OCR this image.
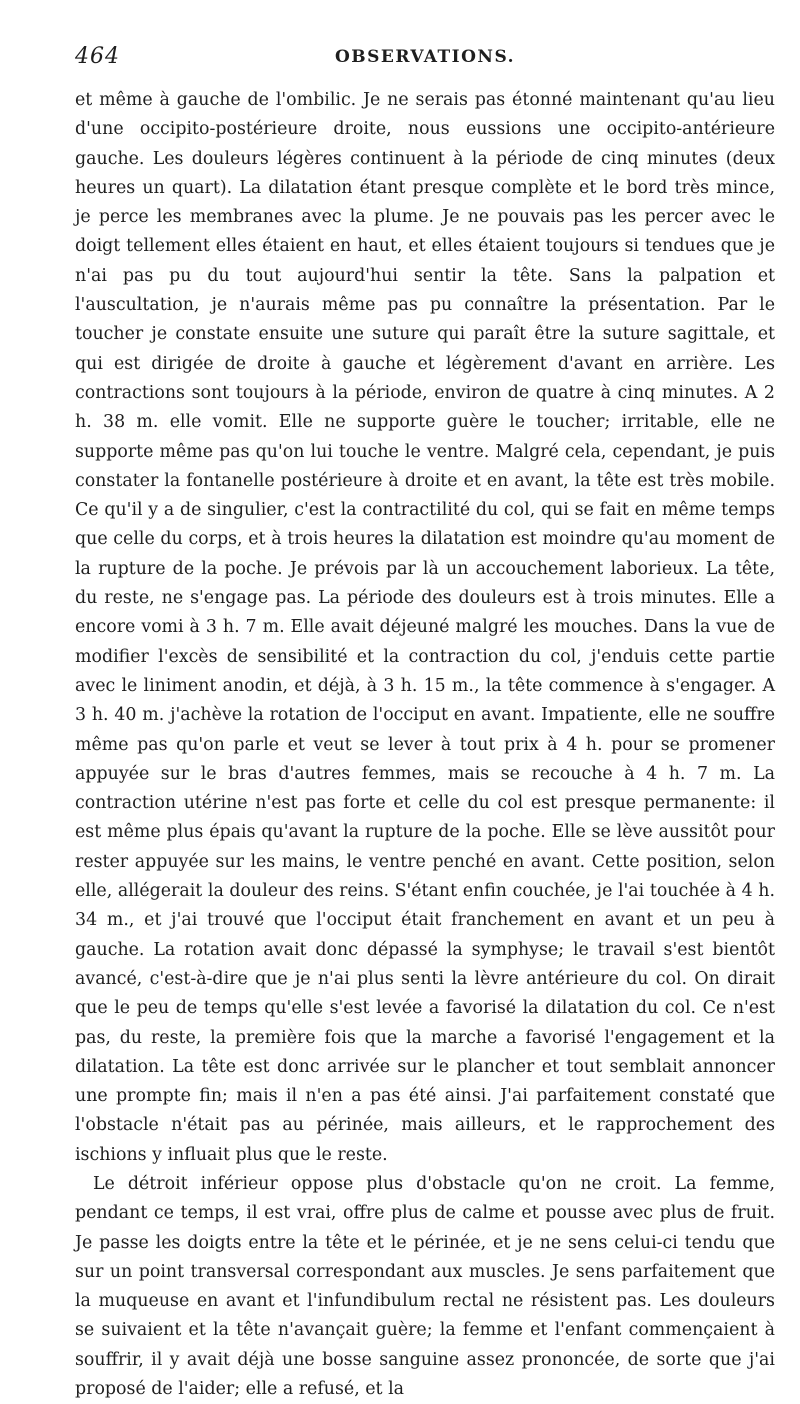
464	OBSERVATIONS.

et même à gauche de l'ombilic. Je ne serais pas étonné maintenant qu'au lieu d'une occipito-postérieure droite, nous eussions une occipito-antérieure gauche. Les douleurs légères continuent à la période de cinq minutes (deux heures un quart). La dilatation étant presque complète et le bord très mince, je perce les membranes avec la plume. Je ne pouvais pas les percer avec le doigt tellement elles étaient en haut, et elles étaient toujours si tendues que je n'ai pas pu du tout aujourd'hui sentir la tête. Sans la palpation et l'auscultation, je n'aurais même pas pu connaître la présentation. Par le toucher je constate ensuite une suture qui paraît être la suture sagittale, et qui est dirigée de droite à gauche et légèrement d'avant en arrière. Les contractions sont toujours à la période, environ de quatre à cinq minutes. A 2 h. 38 m. elle vomit. Elle ne supporte guère le toucher; irritable, elle ne supporte même pas qu'on lui touche le ventre. Malgré cela, cependant, je puis constater la fontanelle postérieure à droite et en avant, la tête est très mobile. Ce qu'il y a de singulier, c'est la contractilité du col, qui se fait en même temps que celle du corps, et à trois heures la dilatation est moindre qu'au moment de la rupture de la poche. Je prévois par là un accouchement laborieux. La tête, du reste, ne s'engage pas. La période des douleurs est à trois minutes. Elle a encore vomi à 3 h. 7 m. Elle avait déjeuné malgré les mouches. Dans la vue de modifier l'excès de sensibilité et la contraction du col, j'enduis cette partie avec le liniment anodin, et déjà, à 3 h. 15 m., la tête commence à s'engager. A 3 h. 40 m. j'achève la rotation de l'occiput en avant. Impatiente, elle ne souffre même pas qu'on parle et veut se lever à tout prix à 4 h. pour se promener appuyée sur le bras d'autres femmes, mais se recouche à 4 h. 7 m. La contraction utérine n'est pas forte et celle du col est presque permanente: il est même plus épais qu'avant la rupture de la poche. Elle se lève aussitôt pour rester appuyée sur les mains, le ventre penché en avant. Cette position, selon elle, allégerait la douleur des reins. S'étant enfin couchée, je l'ai touchée à 4 h. 34 m., et j'ai trouvé que l'occiput était franchement en avant et un peu à gauche. La rotation avait donc dépassé la symphyse; le travail s'est bientôt avancé, c'est-à-dire que je n'ai plus senti la lèvre antérieure du col. On dirait que le peu de temps qu'elle s'est levée a favorisé la dilatation du col. Ce n'est pas, du reste, la première fois que la marche a favorisé l'engagement et la dilatation. La tête est donc arrivée sur le plancher et tout semblait annoncer une prompte fin; mais il n'en a pas été ainsi. J'ai parfaitement constaté que l'obstacle n'était pas au périnée, mais ailleurs, et le rapprochement des ischions y influait plus que le reste.

Le détroit inférieur oppose plus d'obstacle qu'on ne croit. La femme, pendant ce temps, il est vrai, offre plus de calme et pousse avec plus de fruit. Je passe les doigts entre la tête et le périnée, et je ne sens celui-ci tendu que sur un point transversal correspondant aux muscles. Je sens parfaitement que la muqueuse en avant et l'infundibulum rectal ne résistent pas. Les douleurs se suivaient et la tête n'avançait guère; la femme et l'enfant commençaient à souffrir, il y avait déjà une bosse sanguine assez prononcée, de sorte que j'ai proposé de l'aider; elle a refusé, et la
